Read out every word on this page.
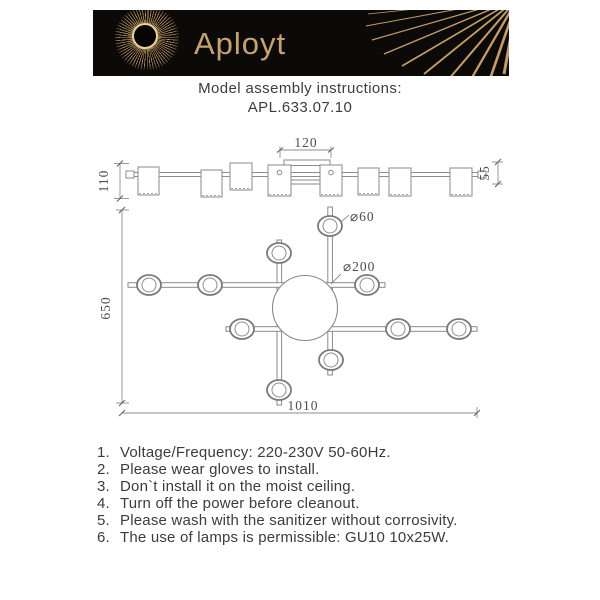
Aployt
Model assembly instructions:
APL.633.07.10
120
110	55
⌀60
⌀200
650
1010
1. Voltage/Frequency: 220-230V 50-60Hz.
2. Please wear gloves to install.
3. Don`t install it on the moist ceiling.
4. Turn off the power before cleanout.
5. Please wash with the sanitizer without corrosivity.
6. The use of lamps is permissible: GU10 10x25W.
